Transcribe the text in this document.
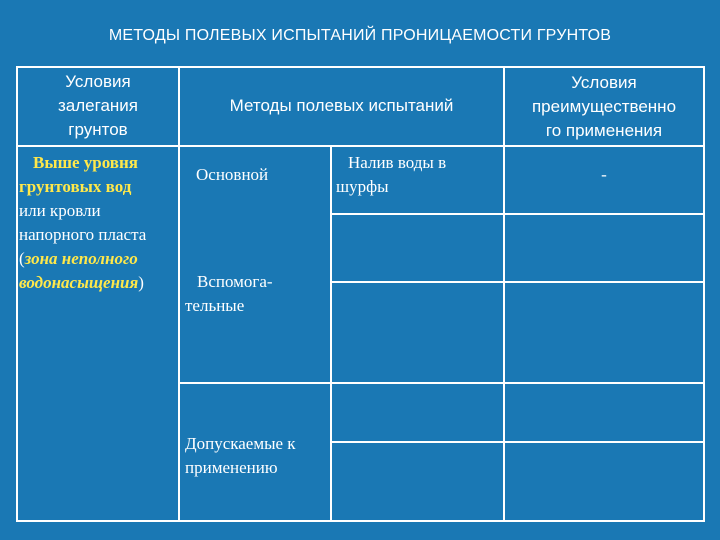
МЕТОДЫ ПОЛЕВЫХ ИСПЫТАНИЙ ПРОНИЦАЕМОСТИ ГРУНТОВ
Условия
залегания
грунтов
Методы полевых испытаний
Условия
преимущественно
го применения
Выше уровня
грунтовых вод
или кровли
напорного пласта
(зона неполного
водонасыщения)
Основной
Налив воды в
шурфы
-
Вспомога-
тельные
Допускаемые к
применению
